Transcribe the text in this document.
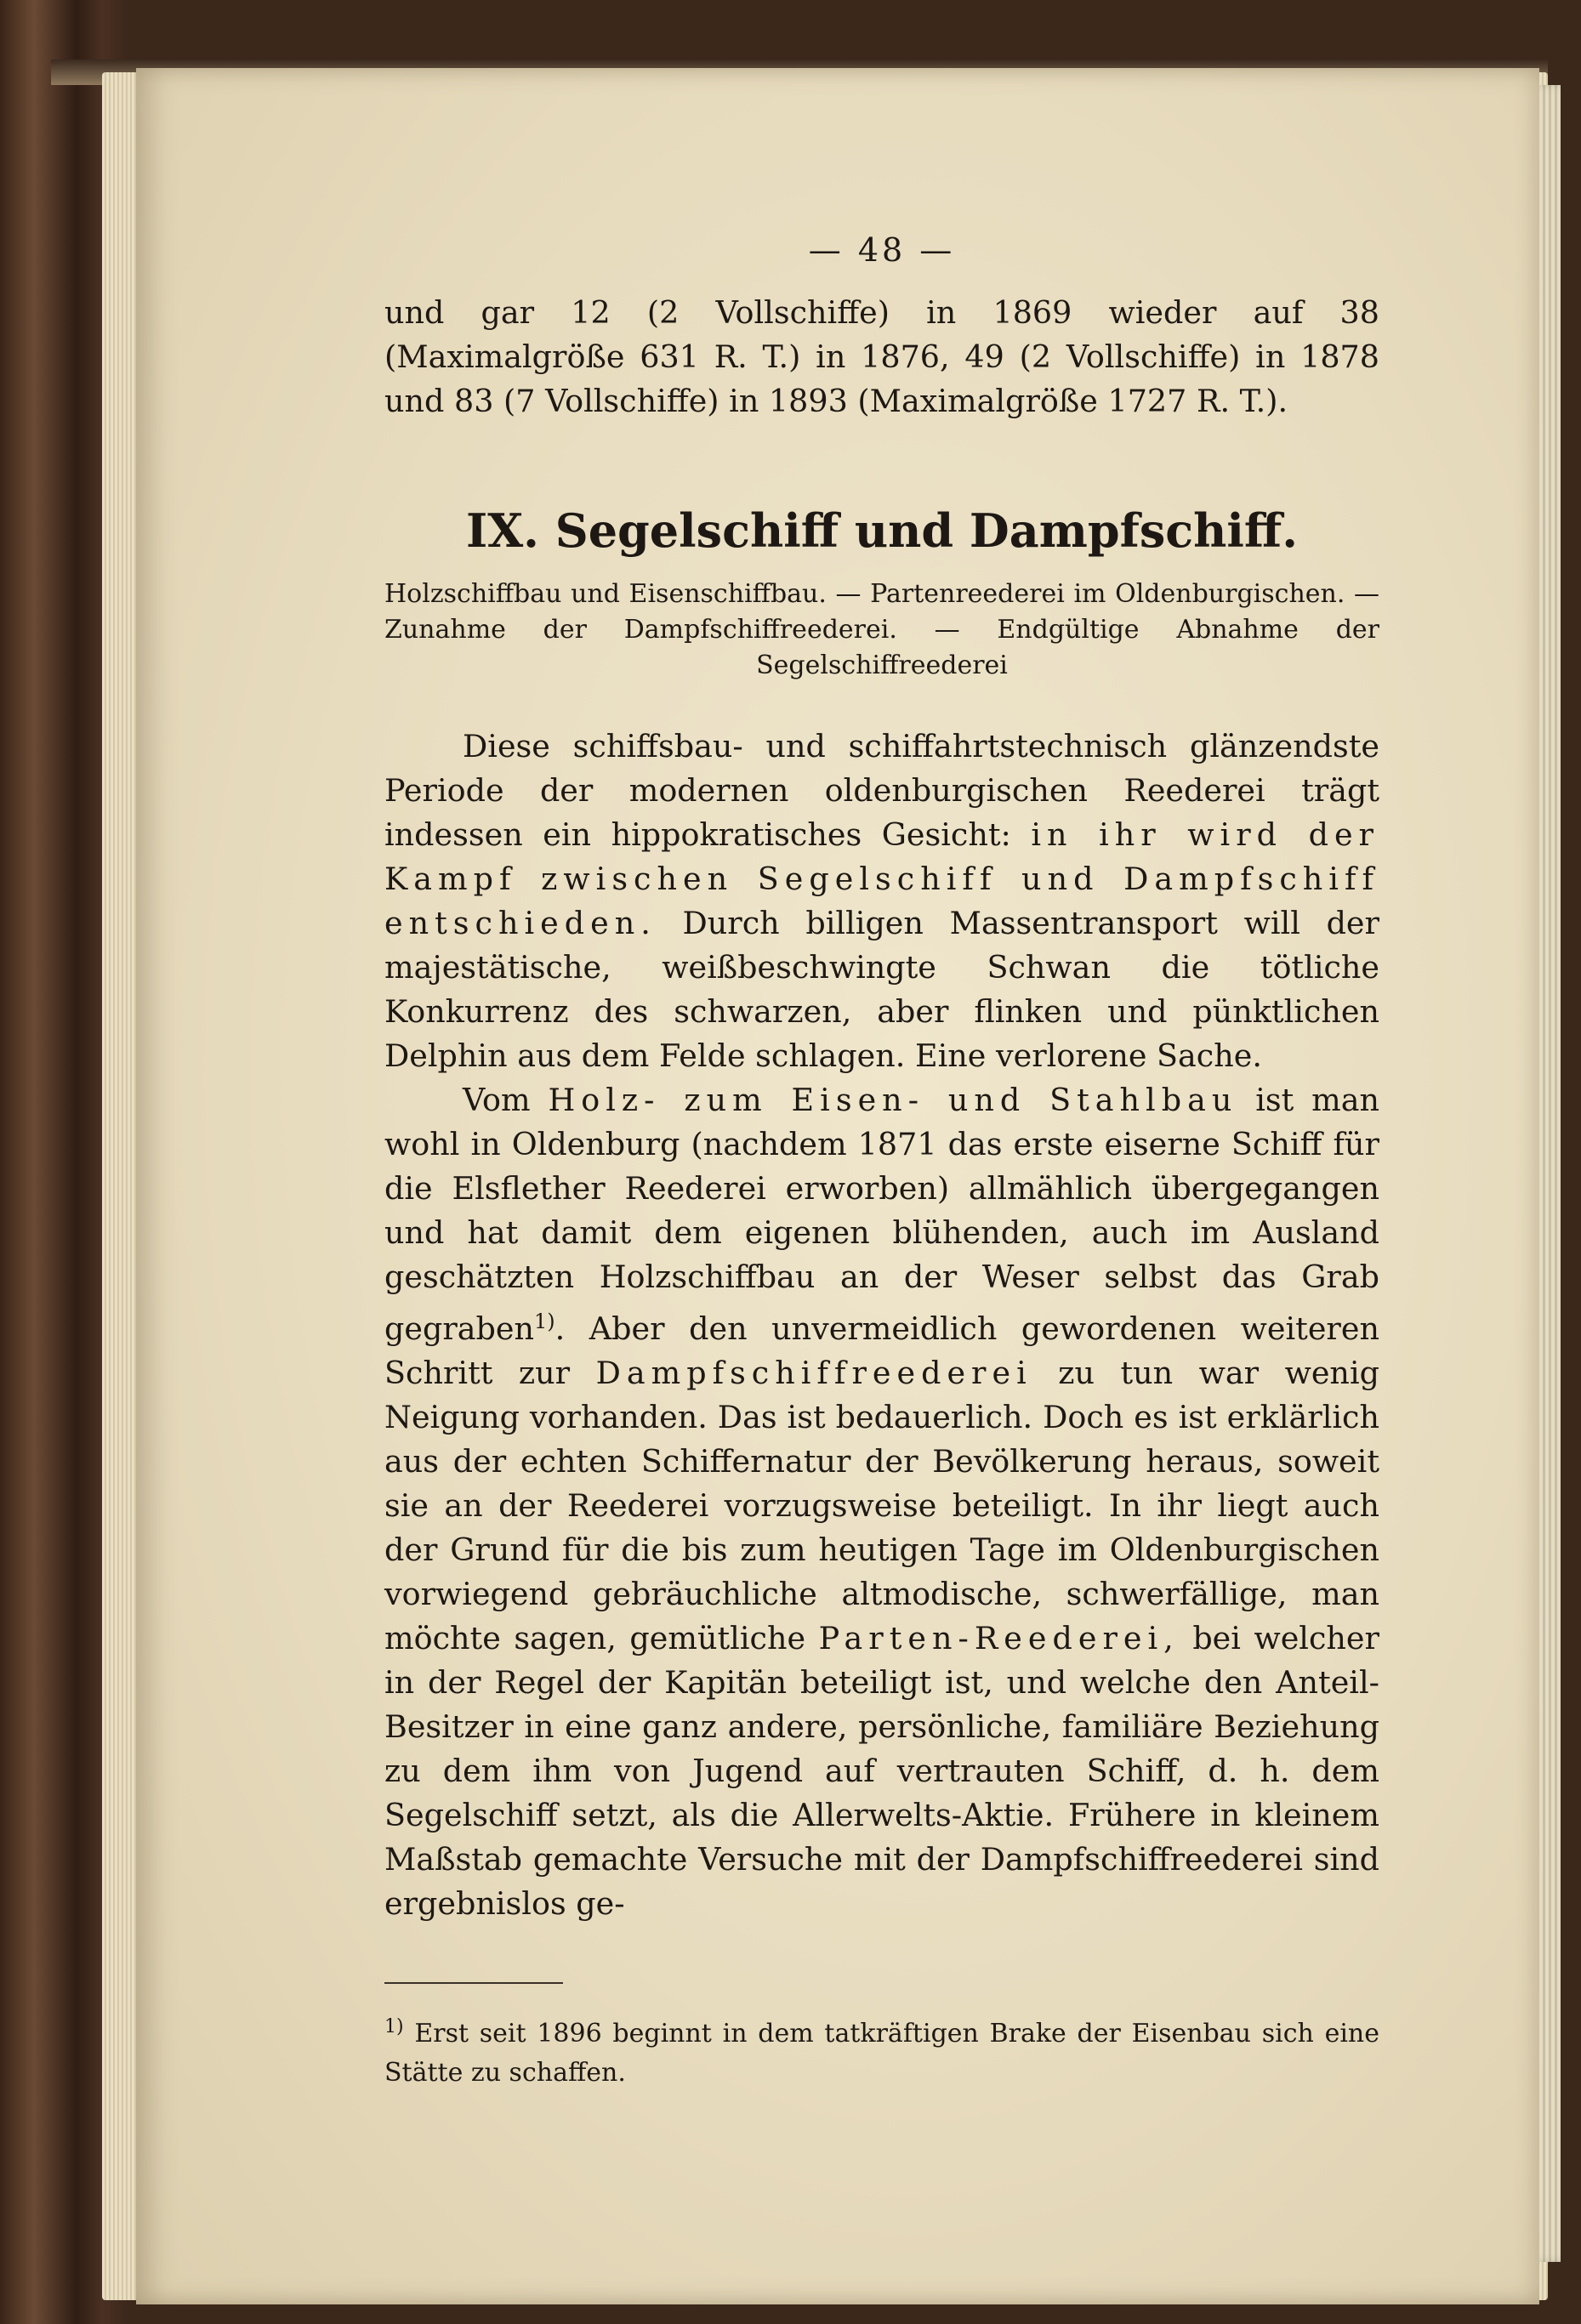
— 48 —

und gar 12 (2 Vollschiffe) in 1869 wieder auf 38 (Maximalgröße 631 R. T.) in 1876, 49 (2 Vollschiffe) in 1878 und 83 (7 Vollschiffe) in 1893 (Maximalgröße 1727 R. T.).

IX. Segelschiff und Dampfschiff.

Holzschiffbau und Eisenschiffbau. — Partenreederei im Oldenburgischen. — Zunahme der Dampfschiffreederei. — Endgültige Abnahme der Segelschiffreederei

Diese schiffsbau- und schiffahrtstechnisch glänzendste Periode der modernen oldenburgischen Reederei trägt indessen ein hippokratisches Gesicht: in ihr wird der Kampf zwischen Segelschiff und Dampfschiff entschieden. Durch billigen Massentransport will der majestätische, weißbeschwingte Schwan die tötliche Konkurrenz des schwarzen, aber flinken und pünktlichen Delphin aus dem Felde schlagen. Eine verlorene Sache.

Vom Holz- zum Eisen- und Stahlbau ist man wohl in Oldenburg (nachdem 1871 das erste eiserne Schiff für die Elsflether Reederei erworben) allmählich übergegangen und hat damit dem eigenen blühenden, auch im Ausland geschätzten Holzschiffbau an der Weser selbst das Grab gegraben$^{1)}$. Aber den unvermeidlich gewordenen weiteren Schritt zur Dampfschiffreederei zu tun war wenig Neigung vorhanden. Das ist bedauerlich. Doch es ist erklärlich aus der echten Schiffernatur der Bevölkerung heraus, soweit sie an der Reederei vorzugsweise beteiligt. In ihr liegt auch der Grund für die bis zum heutigen Tage im Oldenburgischen vorwiegend gebräuchliche altmodische, schwerfällige, man möchte sagen, gemütliche Parten-Reederei, bei welcher in der Regel der Kapitän beteiligt ist, und welche den Anteil-Besitzer in eine ganz andere, persönliche, familiäre Beziehung zu dem ihm von Jugend auf vertrauten Schiff, d. h. dem Segelschiff setzt, als die Allerwelts-Aktie. Frühere in kleinem Maßstab gemachte Versuche mit der Dampfschiffreederei sind ergebnislos ge-

$^{1)}$ Erst seit 1896 beginnt in dem tatkräftigen Brake der Eisenbau sich eine Stätte zu schaffen.
